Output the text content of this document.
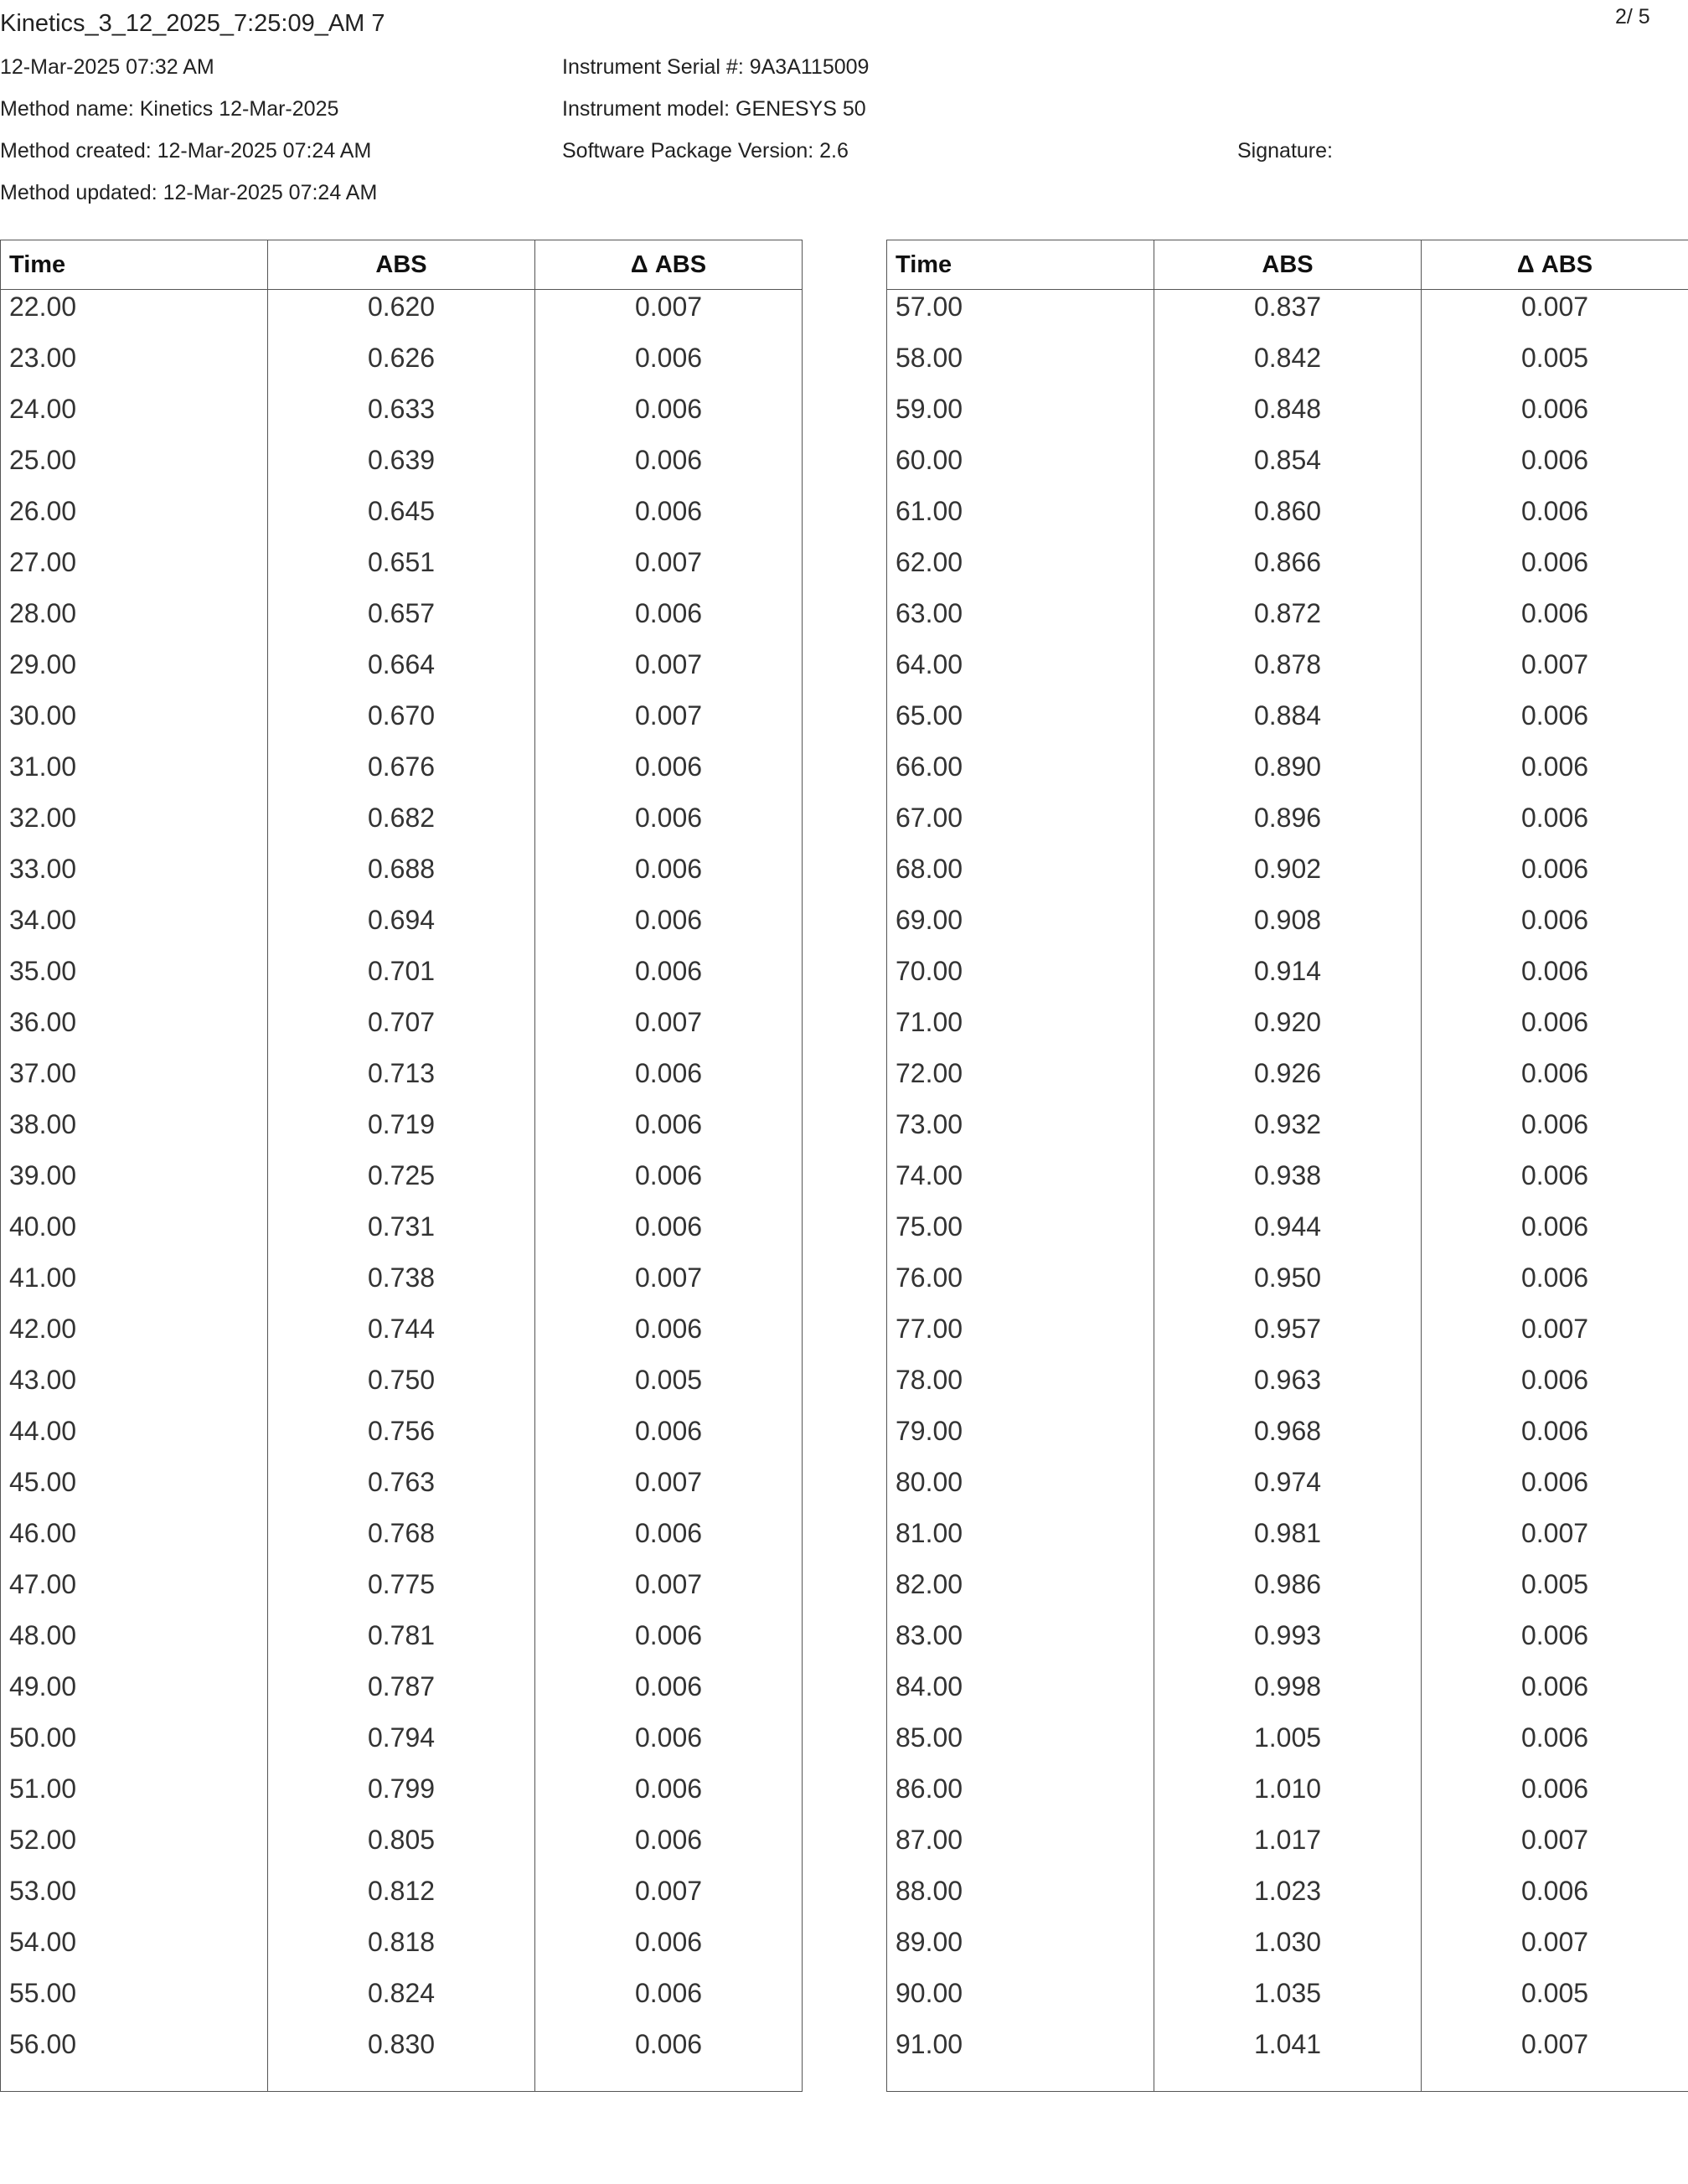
Kinetics_3_12_2025_7:25:09_AM 7	2/ 5
12-Mar-2025 07:32 AM
Method name: Kinetics 12-Mar-2025
Method created: 12-Mar-2025 07:24 AM
Method updated: 12-Mar-2025 07:24 AM
Instrument Serial #: 9A3A115009
Instrument model: GENESYS 50
Software Package Version: 2.6	Signature:
Time	ABS	Δ ABS
22.00	0.620	0.007
23.00	0.626	0.006
24.00	0.633	0.006
25.00	0.639	0.006
26.00	0.645	0.006
27.00	0.651	0.007
28.00	0.657	0.006
29.00	0.664	0.007
30.00	0.670	0.007
31.00	0.676	0.006
32.00	0.682	0.006
33.00	0.688	0.006
34.00	0.694	0.006
35.00	0.701	0.006
36.00	0.707	0.007
37.00	0.713	0.006
38.00	0.719	0.006
39.00	0.725	0.006
40.00	0.731	0.006
41.00	0.738	0.007
42.00	0.744	0.006
43.00	0.750	0.005
44.00	0.756	0.006
45.00	0.763	0.007
46.00	0.768	0.006
47.00	0.775	0.007
48.00	0.781	0.006
49.00	0.787	0.006
50.00	0.794	0.006
51.00	0.799	0.006
52.00	0.805	0.006
53.00	0.812	0.007
54.00	0.818	0.006
55.00	0.824	0.006
56.00	0.830	0.006
Time	ABS	Δ ABS
57.00	0.837	0.007
58.00	0.842	0.005
59.00	0.848	0.006
60.00	0.854	0.006
61.00	0.860	0.006
62.00	0.866	0.006
63.00	0.872	0.006
64.00	0.878	0.007
65.00	0.884	0.006
66.00	0.890	0.006
67.00	0.896	0.006
68.00	0.902	0.006
69.00	0.908	0.006
70.00	0.914	0.006
71.00	0.920	0.006
72.00	0.926	0.006
73.00	0.932	0.006
74.00	0.938	0.006
75.00	0.944	0.006
76.00	0.950	0.006
77.00	0.957	0.007
78.00	0.963	0.006
79.00	0.968	0.006
80.00	0.974	0.006
81.00	0.981	0.007
82.00	0.986	0.005
83.00	0.993	0.006
84.00	0.998	0.006
85.00	1.005	0.006
86.00	1.010	0.006
87.00	1.017	0.007
88.00	1.023	0.006
89.00	1.030	0.007
90.00	1.035	0.005
91.00	1.041	0.007
